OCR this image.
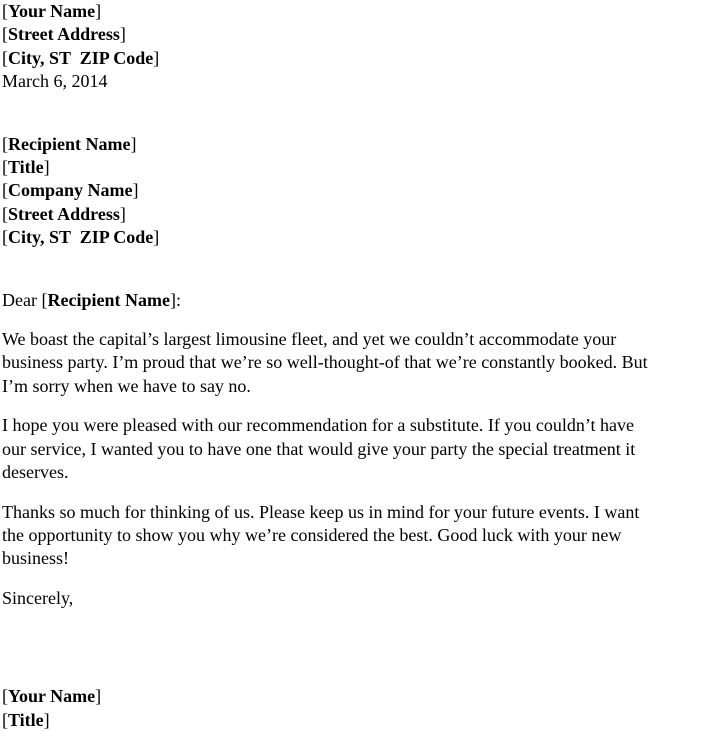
[Your Name]
[Street Address]
[City, ST  ZIP Code]
March 6, 2014
[Recipient Name]
[Title]
[Company Name]
[Street Address]
[City, ST  ZIP Code]
Dear [Recipient Name]:
We boast the capital’s largest limousine fleet, and yet we couldn’t accommodate your
business party. I’m proud that we’re so well-thought-of that we’re constantly booked. But
I’m sorry when we have to say no.
I hope you were pleased with our recommendation for a substitute. If you couldn’t have
our service, I wanted you to have one that would give your party the special treatment it
deserves.
Thanks so much for thinking of us. Please keep us in mind for your future events. I want
the opportunity to show you why we’re considered the best. Good luck with your new
business!
Sincerely,
[Your Name]
[Title]
